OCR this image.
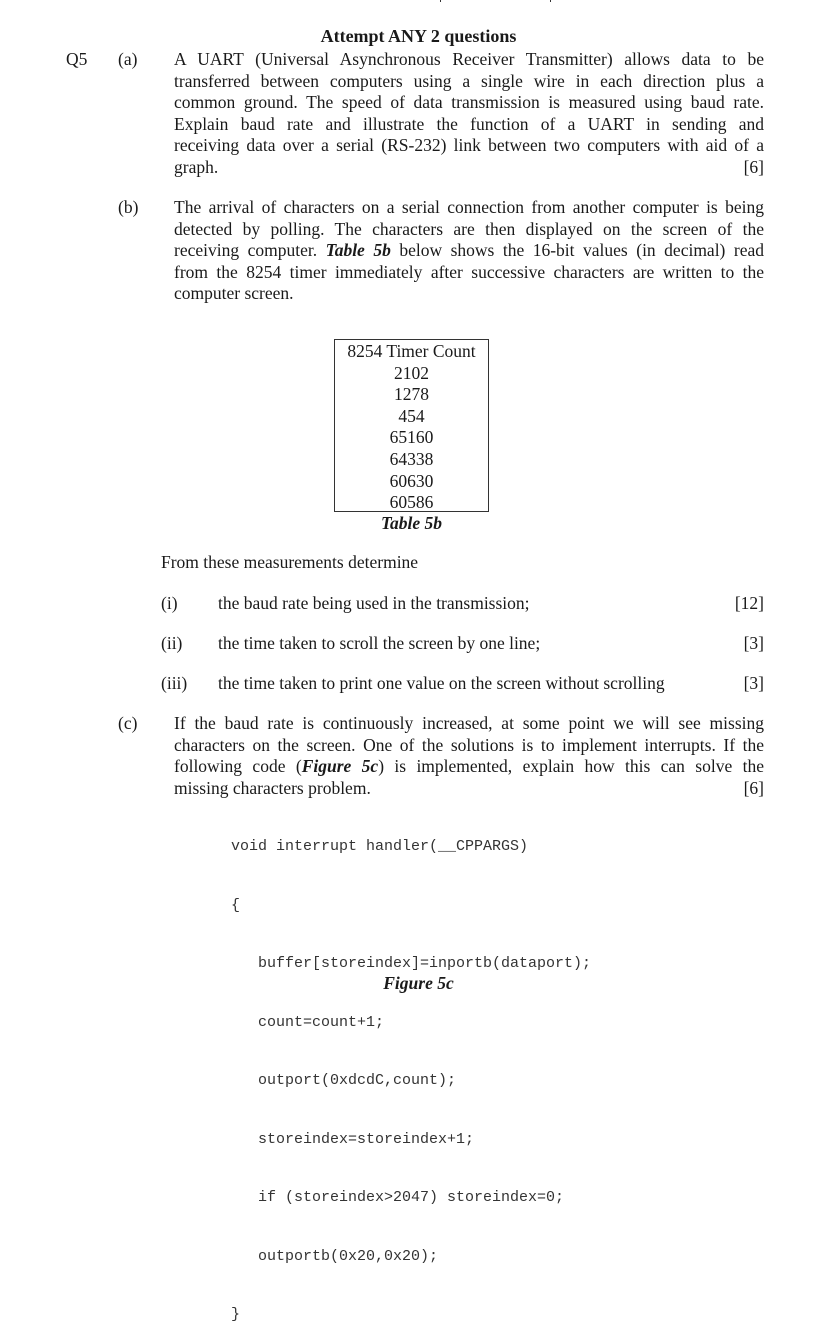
Attempt ANY 2 questions
Q5 (a) A UART (Universal Asynchronous Receiver Transmitter) allows data to be
transferred between computers using a single wire in each direction plus a
common ground. The speed of data transmission is measured using baud rate.
Explain baud rate and illustrate the function of a UART in sending and
receiving data over a serial (RS-232) link between two computers with aid of a
graph.	[6]
(b) The arrival of characters on a serial connection from another computer is being
detected by polling. The characters are then displayed on the screen of the
receiving computer. Table 5b below shows the 16-bit values (in decimal) read
from the 8254 timer immediately after successive characters are written to the
computer screen.
8254 Timer Count
2102
1278
454
65160
64338
60630
60586
Table 5b
From these measurements determine
(i) the baud rate being used in the transmission;	[12]
(ii) the time taken to scroll the screen by one line;	[3]
(iii) the time taken to print one value on the screen without scrolling	[3]
(c) If the baud rate is continuously increased, at some point we will see missing
characters on the screen. One of the solutions is to implement interrupts. If the
following code (Figure 5c) is implemented, explain how this can solve the
missing characters problem.	[6]

void interrupt handler(__CPPARGS)

{

buffer[storeindex]=inportb(dataport);

count=count+1;

outport(0xdcdC,count);

storeindex=storeindex+1;

if (storeindex>2047) storeindex=0;

outportb(0x20,0x20);

}

Figure 5c
